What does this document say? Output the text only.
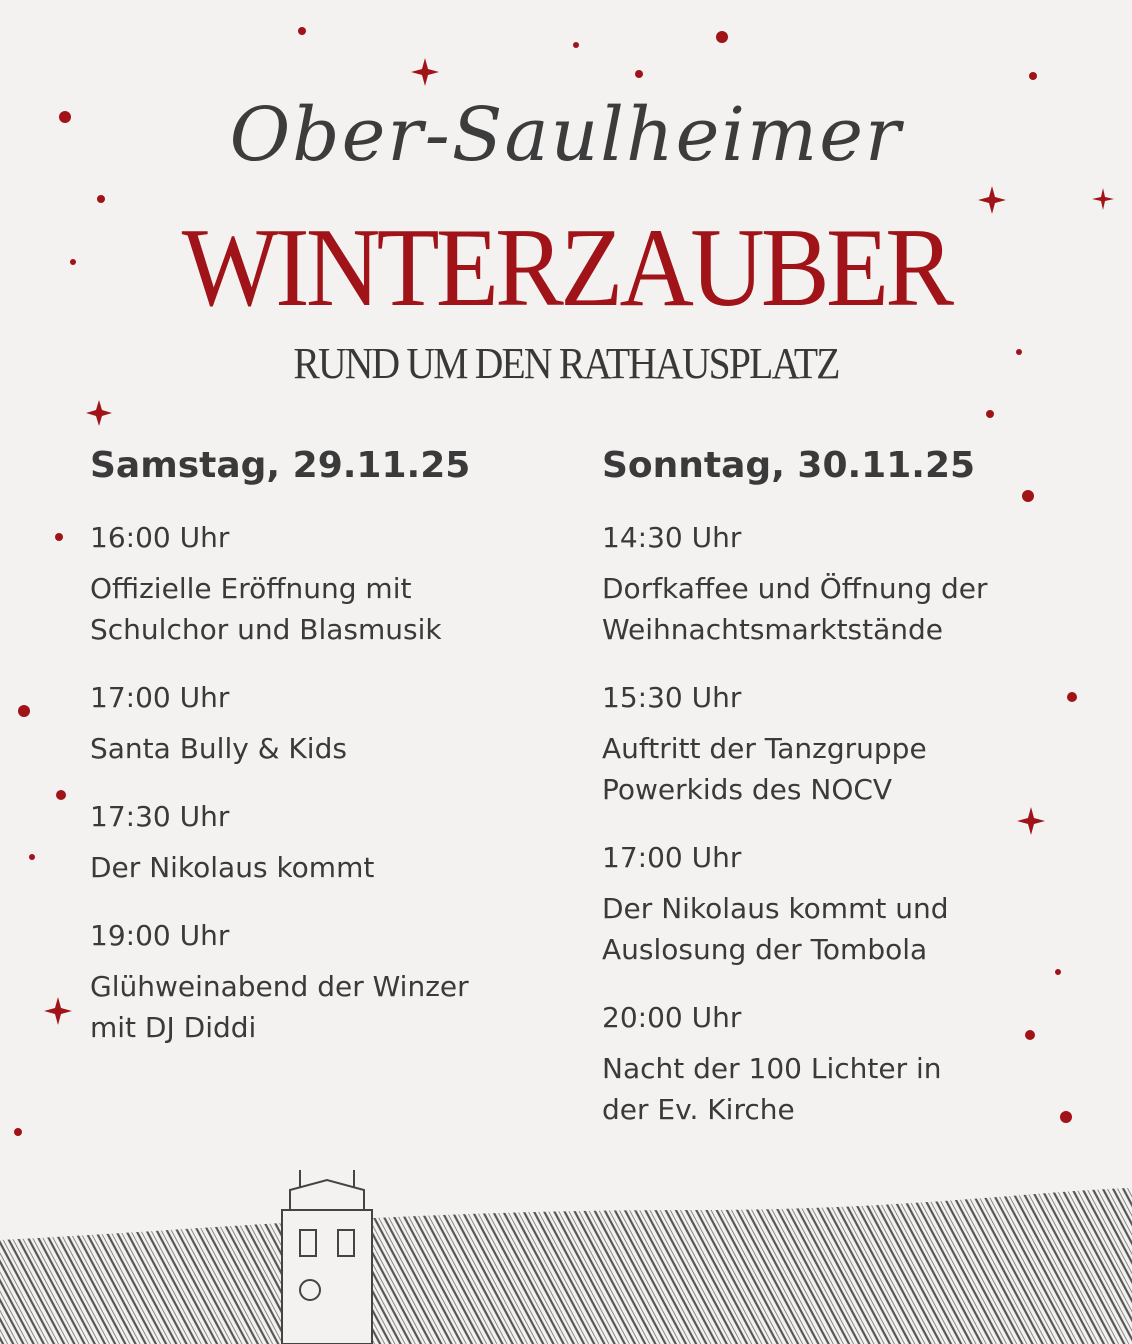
Ober-Saulheimer
WINTERZAUBER
RUND UM DEN RATHAUSPLATZ
Samstag, 29.11.25
16:00 Uhr
Offizielle Eröffnung mit
Schulchor und Blasmusik
17:00 Uhr
Santa Bully & Kids
17:30 Uhr
Der Nikolaus kommt
19:00 Uhr
Glühweinabend der Winzer
mit DJ Diddi
Sonntag, 30.11.25
14:30 Uhr
Dorfkaffee und Öffnung der
Weihnachtsmarktstände
15:30 Uhr
Auftritt der Tanzgruppe
Powerkids des NOCV
17:00 Uhr
Der Nikolaus kommt und
Auslosung der Tombola
20:00 Uhr
Nacht der 100 Lichter in
der Ev. Kirche
